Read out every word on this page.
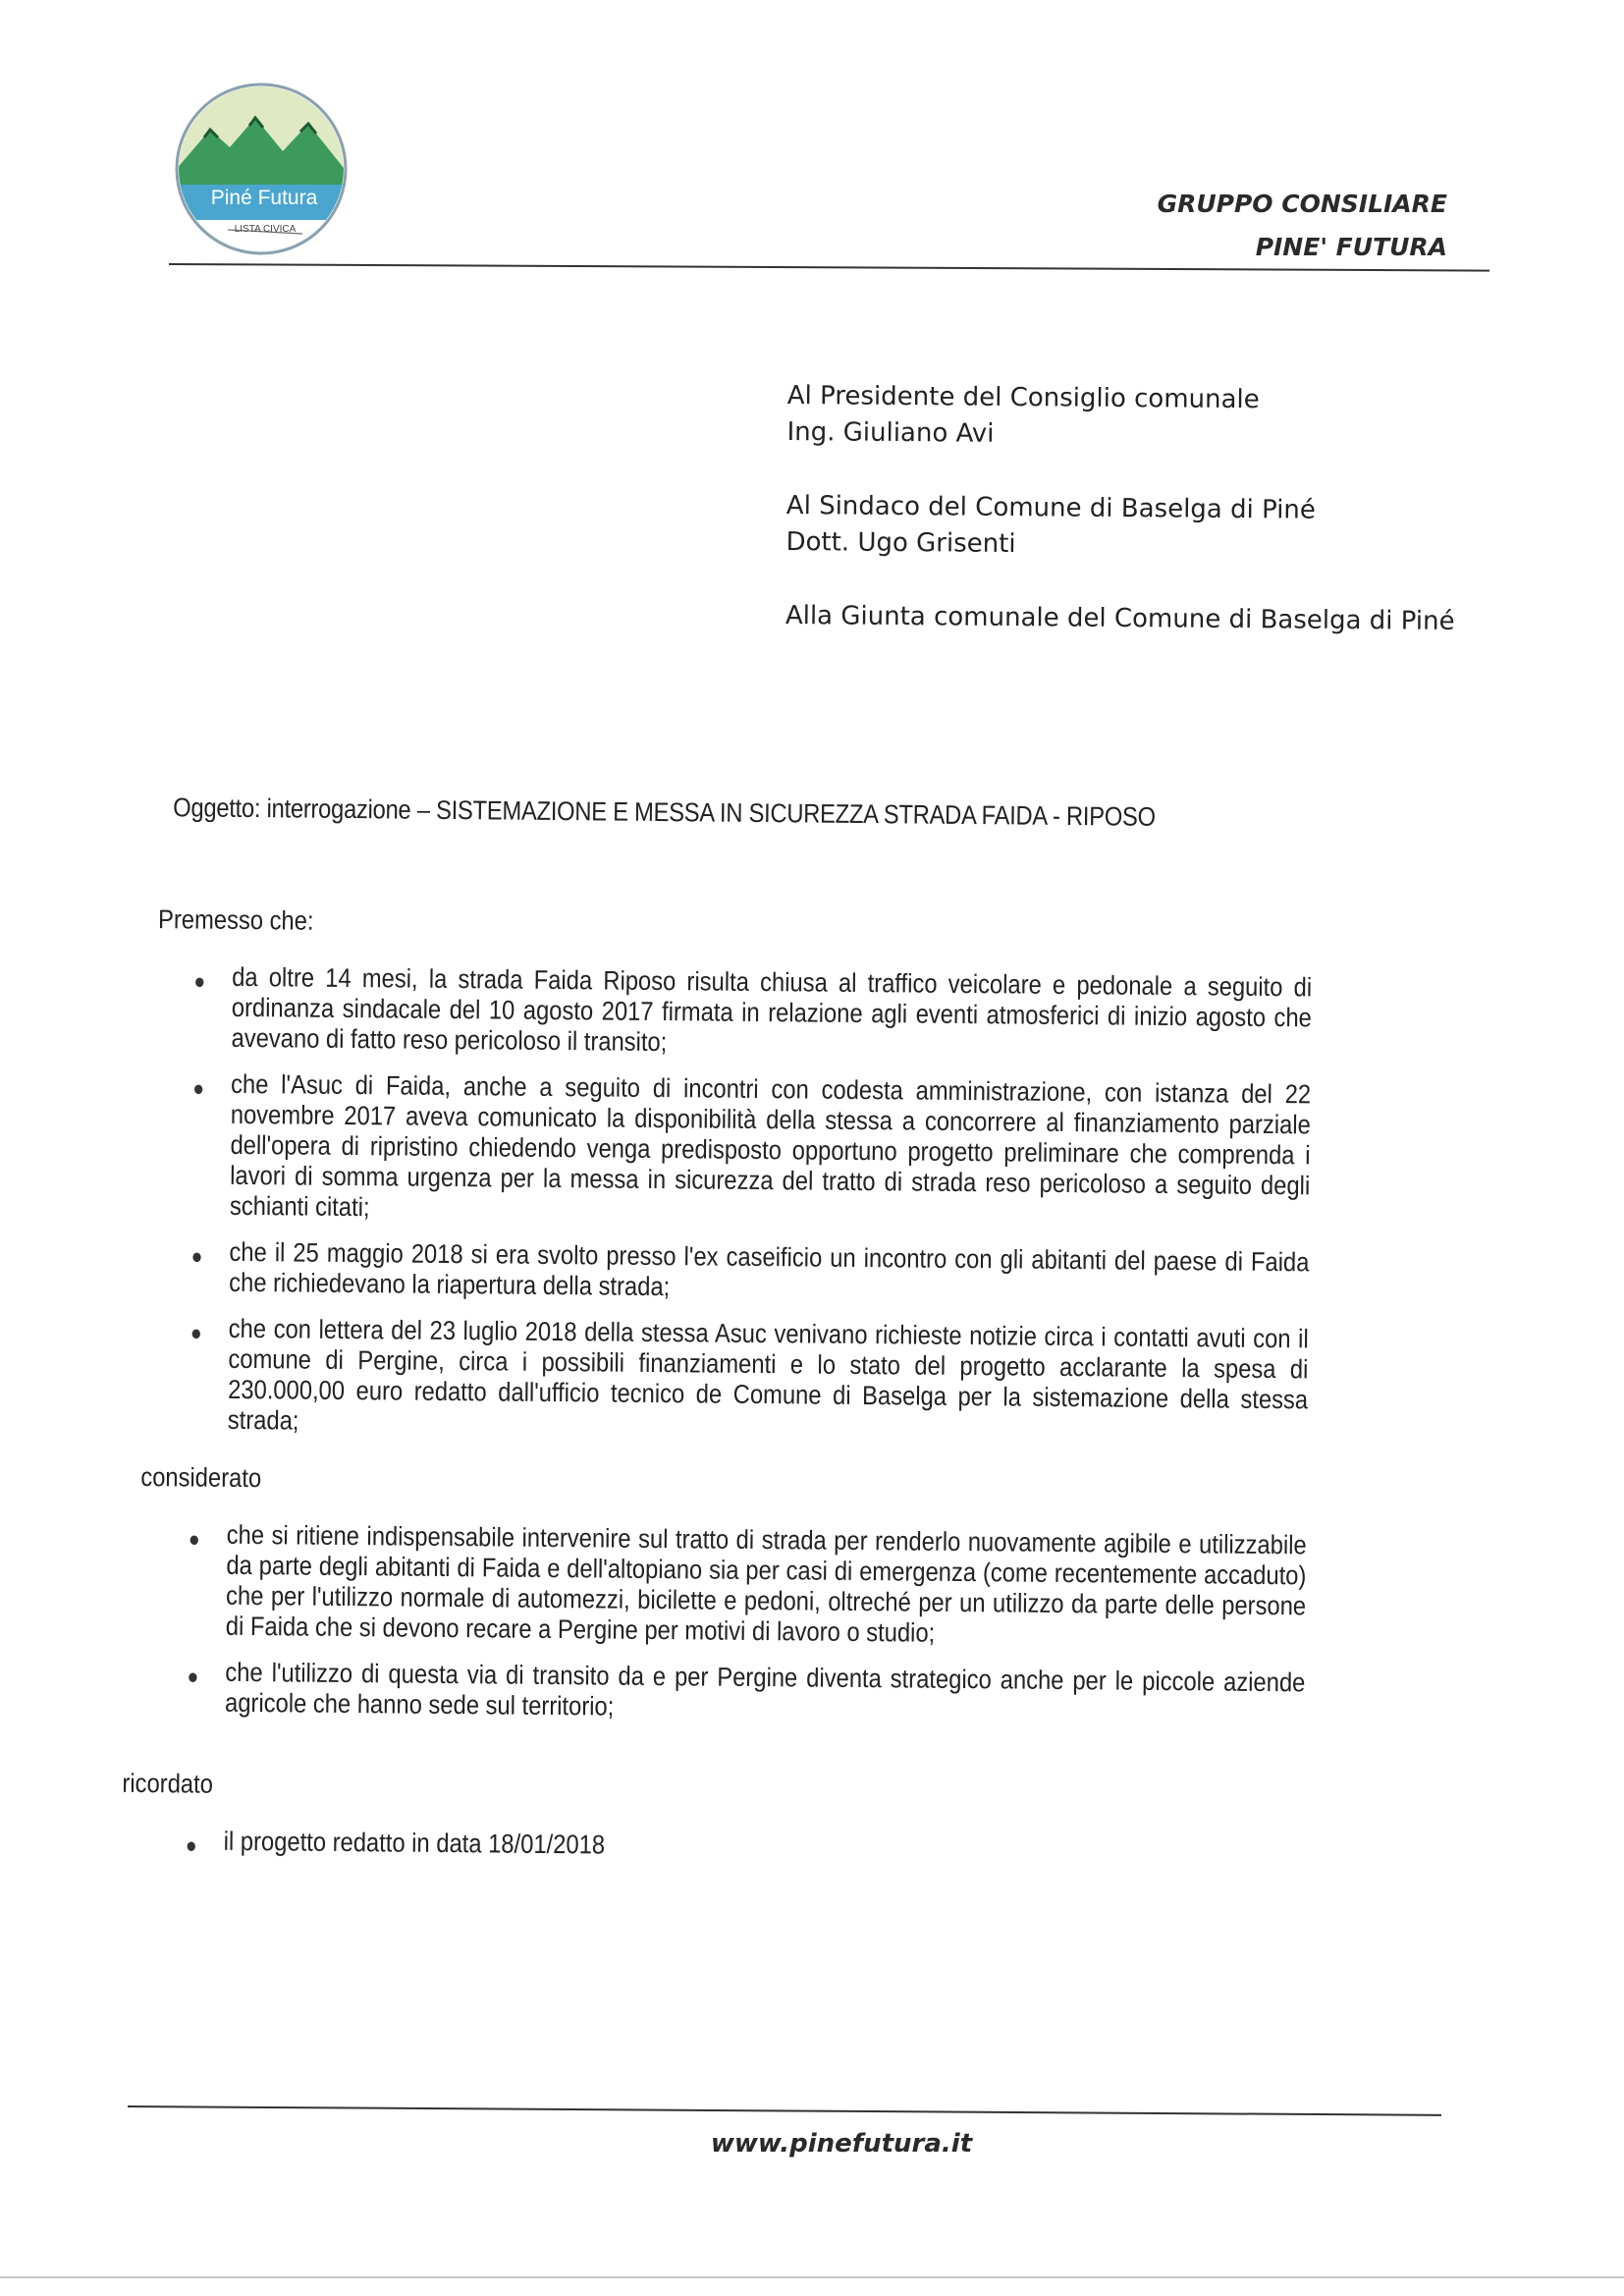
Piné Futura
LISTA CIVICA
GRUPPO CONSILIARE
PINE' FUTURA
Al Presidente del Consiglio comunale
Ing. Giuliano Avi
Al Sindaco del Comune di Baselga di Piné
Dott. Ugo Grisenti
Alla Giunta comunale del Comune di Baselga di Piné
Oggetto: interrogazione – SISTEMAZIONE E MESSA IN SICUREZZA STRADA FAIDA - RIPOSO
Premesso che:
● da oltre 14 mesi, la strada Faida Riposo risulta chiusa al traffico veicolare e pedonale a seguito di ordinanza sindacale del 10 agosto 2017 firmata in relazione agli eventi atmosferici di inizio agosto che avevano di fatto reso pericoloso il transito;
● che l'Asuc di Faida, anche a seguito di incontri con codesta amministrazione, con istanza del 22 novembre 2017 aveva comunicato la disponibilità della stessa a concorrere al finanziamento parziale dell'opera di ripristino chiedendo venga predisposto opportuno progetto preliminare che comprenda i lavori di somma urgenza per la messa in sicurezza del tratto di strada reso pericoloso a seguito degli schianti citati;
● che il 25 maggio 2018 si era svolto presso l'ex caseificio un incontro con gli abitanti del paese di Faida che richiedevano la riapertura della strada;
● che con lettera del 23 luglio 2018 della stessa Asuc venivano richieste notizie circa i contatti avuti con il comune di Pergine, circa i possibili finanziamenti e lo stato del progetto acclarante la spesa di 230.000,00 euro redatto dall'ufficio tecnico de Comune di Baselga per la sistemazione della stessa strada;
considerato
● che si ritiene indispensabile intervenire sul tratto di strada per renderlo nuovamente agibile e utilizzabile da parte degli abitanti di Faida e dell'altopiano sia per casi di emergenza (come recentemente accaduto) che per l'utilizzo normale di automezzi, bicilette e pedoni, oltreché per un utilizzo da parte delle persone di Faida che si devono recare a Pergine per motivi di lavoro o studio;
● che l'utilizzo di questa via di transito da e per Pergine diventa strategico anche per le piccole aziende agricole che hanno sede sul territorio;
ricordato
● il progetto redatto in data 18/01/2018
www.pinefutura.it
